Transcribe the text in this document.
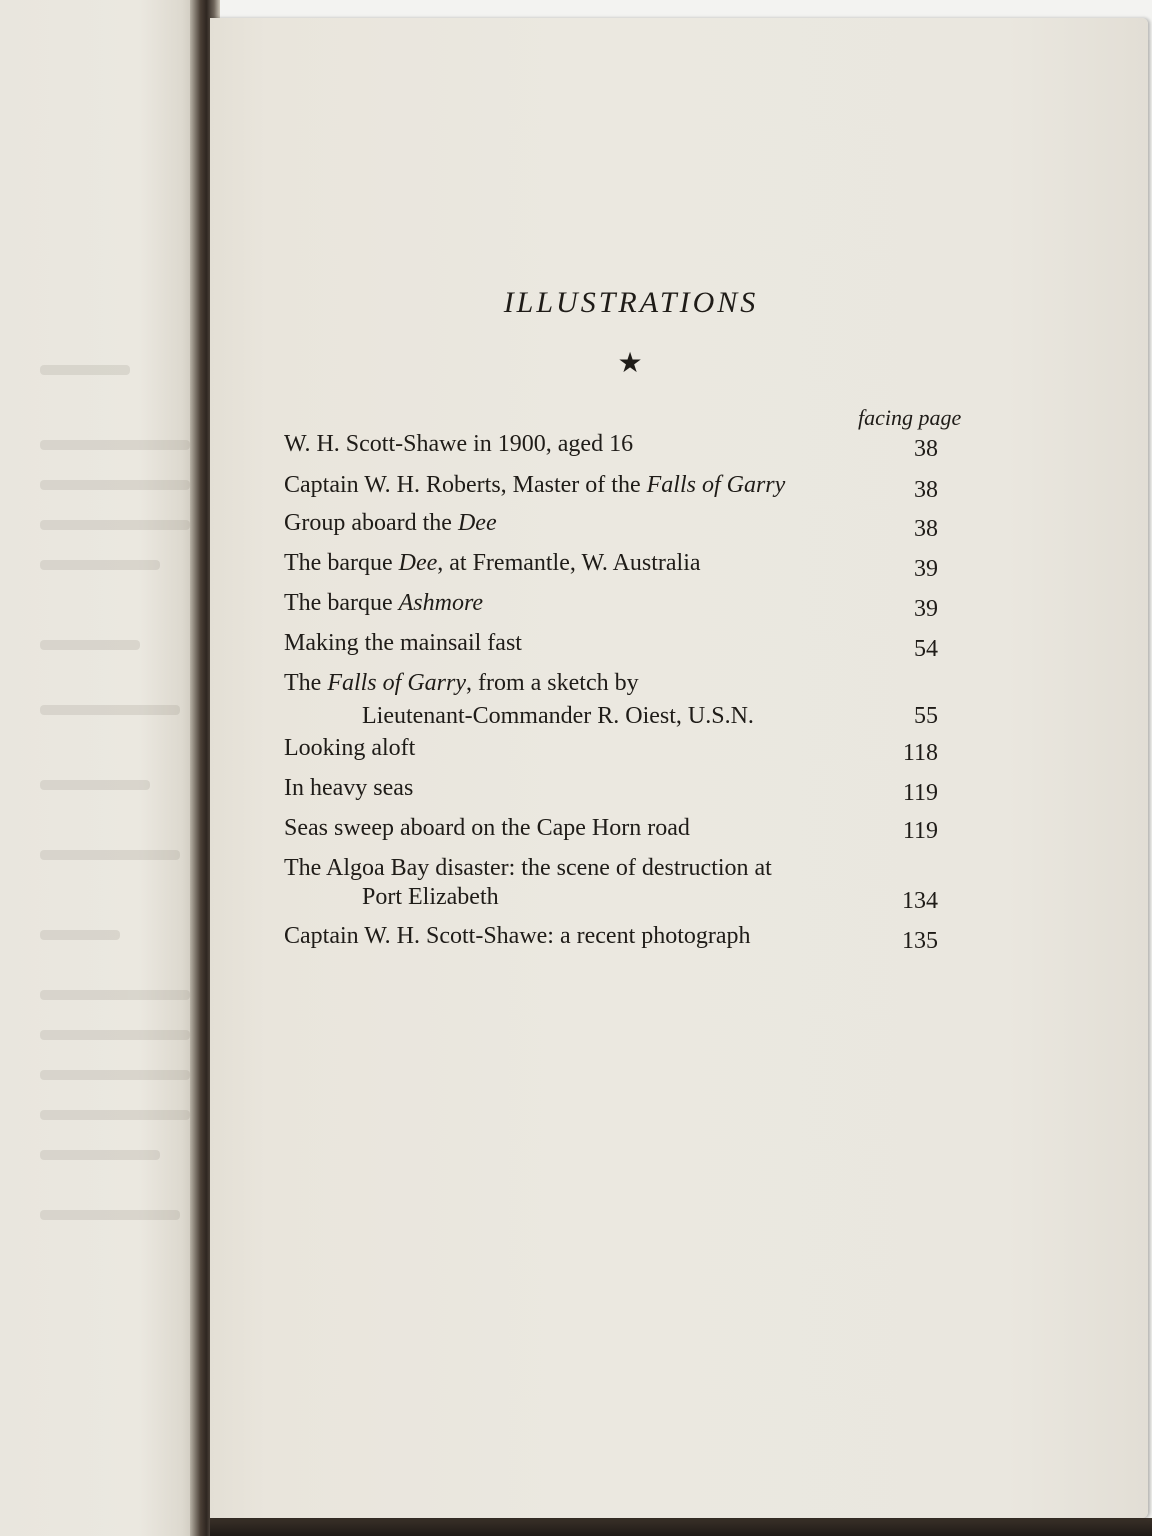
ILLUSTRATIONS
★
facing page
W. H. Scott-Shawe in 1900, aged 16	38
Captain W. H. Roberts, Master of the Falls of Garry	38
Group aboard the Dee	38
The barque Dee, at Fremantle, W. Australia	39
The barque Ashmore	39
Making the mainsail fast	54
The Falls of Garry, from a sketch by
Lieutenant-Commander R. Oiest, U.S.N.	55
Looking aloft	118
In heavy seas	119
Seas sweep aboard on the Cape Horn road	119
The Algoa Bay disaster: the scene of destruction at
Port Elizabeth	134
Captain W. H. Scott-Shawe: a recent photograph	135
